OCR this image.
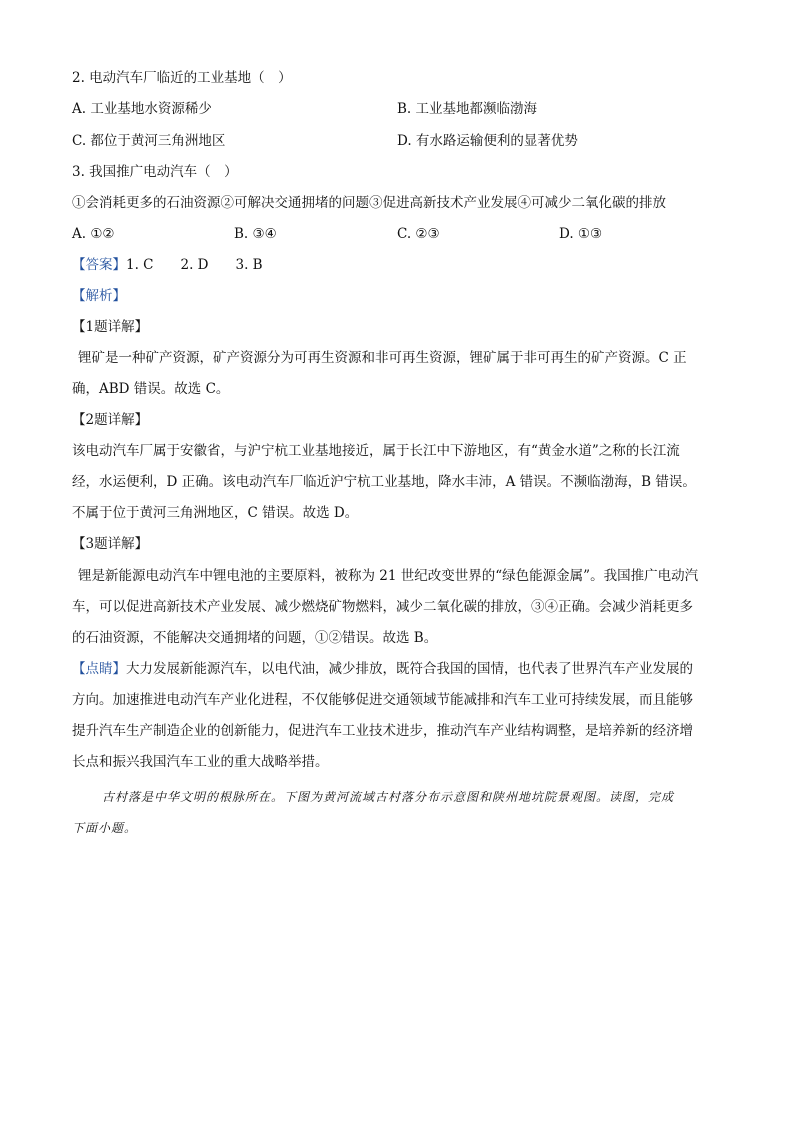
2. 电动汽车厂临近的工业基地（　）
A. 工业基地水资源稀少	B. 工业基地都濒临渤海
C. 都位于黄河三角洲地区	D. 有水路运输便利的显著优势
3. 我国推广电动汽车（　）
①会消耗更多的石油资源②可解决交通拥堵的问题③促进高新技术产业发展④可减少二氧化碳的排放
A. ①②	B. ③④	C. ②③	D. ①③
【答案】1. C　　2. D　　3. B
【解析】
【1题详解】
锂矿是一种矿产资源，矿产资源分为可再生资源和非可再生资源，锂矿属于非可再生的矿产资源。C 正
确，ABD 错误。故选 C。
【2题详解】
该电动汽车厂属于安徽省，与沪宁杭工业基地接近，属于长江中下游地区，有“黄金水道”之称的长江流
经，水运便利，D 正确。该电动汽车厂临近沪宁杭工业基地，降水丰沛，A 错误。不濒临渤海，B 错误。
不属于位于黄河三角洲地区，C 错误。故选 D。
【3题详解】
锂是新能源电动汽车中锂电池的主要原料，被称为 21 世纪改变世界的“绿色能源金属”。我国推广电动汽
车，可以促进高新技术产业发展、减少燃烧矿物燃料，减少二氧化碳的排放，③④正确。会减少消耗更多
的石油资源，不能解决交通拥堵的问题，①②错误。故选 B。
【点睛】大力发展新能源汽车，以电代油，减少排放，既符合我国的国情，也代表了世界汽车产业发展的
方向。加速推进电动汽车产业化进程，不仅能够促进交通领域节能减排和汽车工业可持续发展，而且能够
提升汽车生产制造企业的创新能力，促进汽车工业技术进步，推动汽车产业结构调整，是培养新的经济增
长点和振兴我国汽车工业的重大战略举措。
古村落是中华文明的根脉所在。下图为黄河流域古村落分布示意图和陕州地坑院景观图。读图，完成
下面小题。
